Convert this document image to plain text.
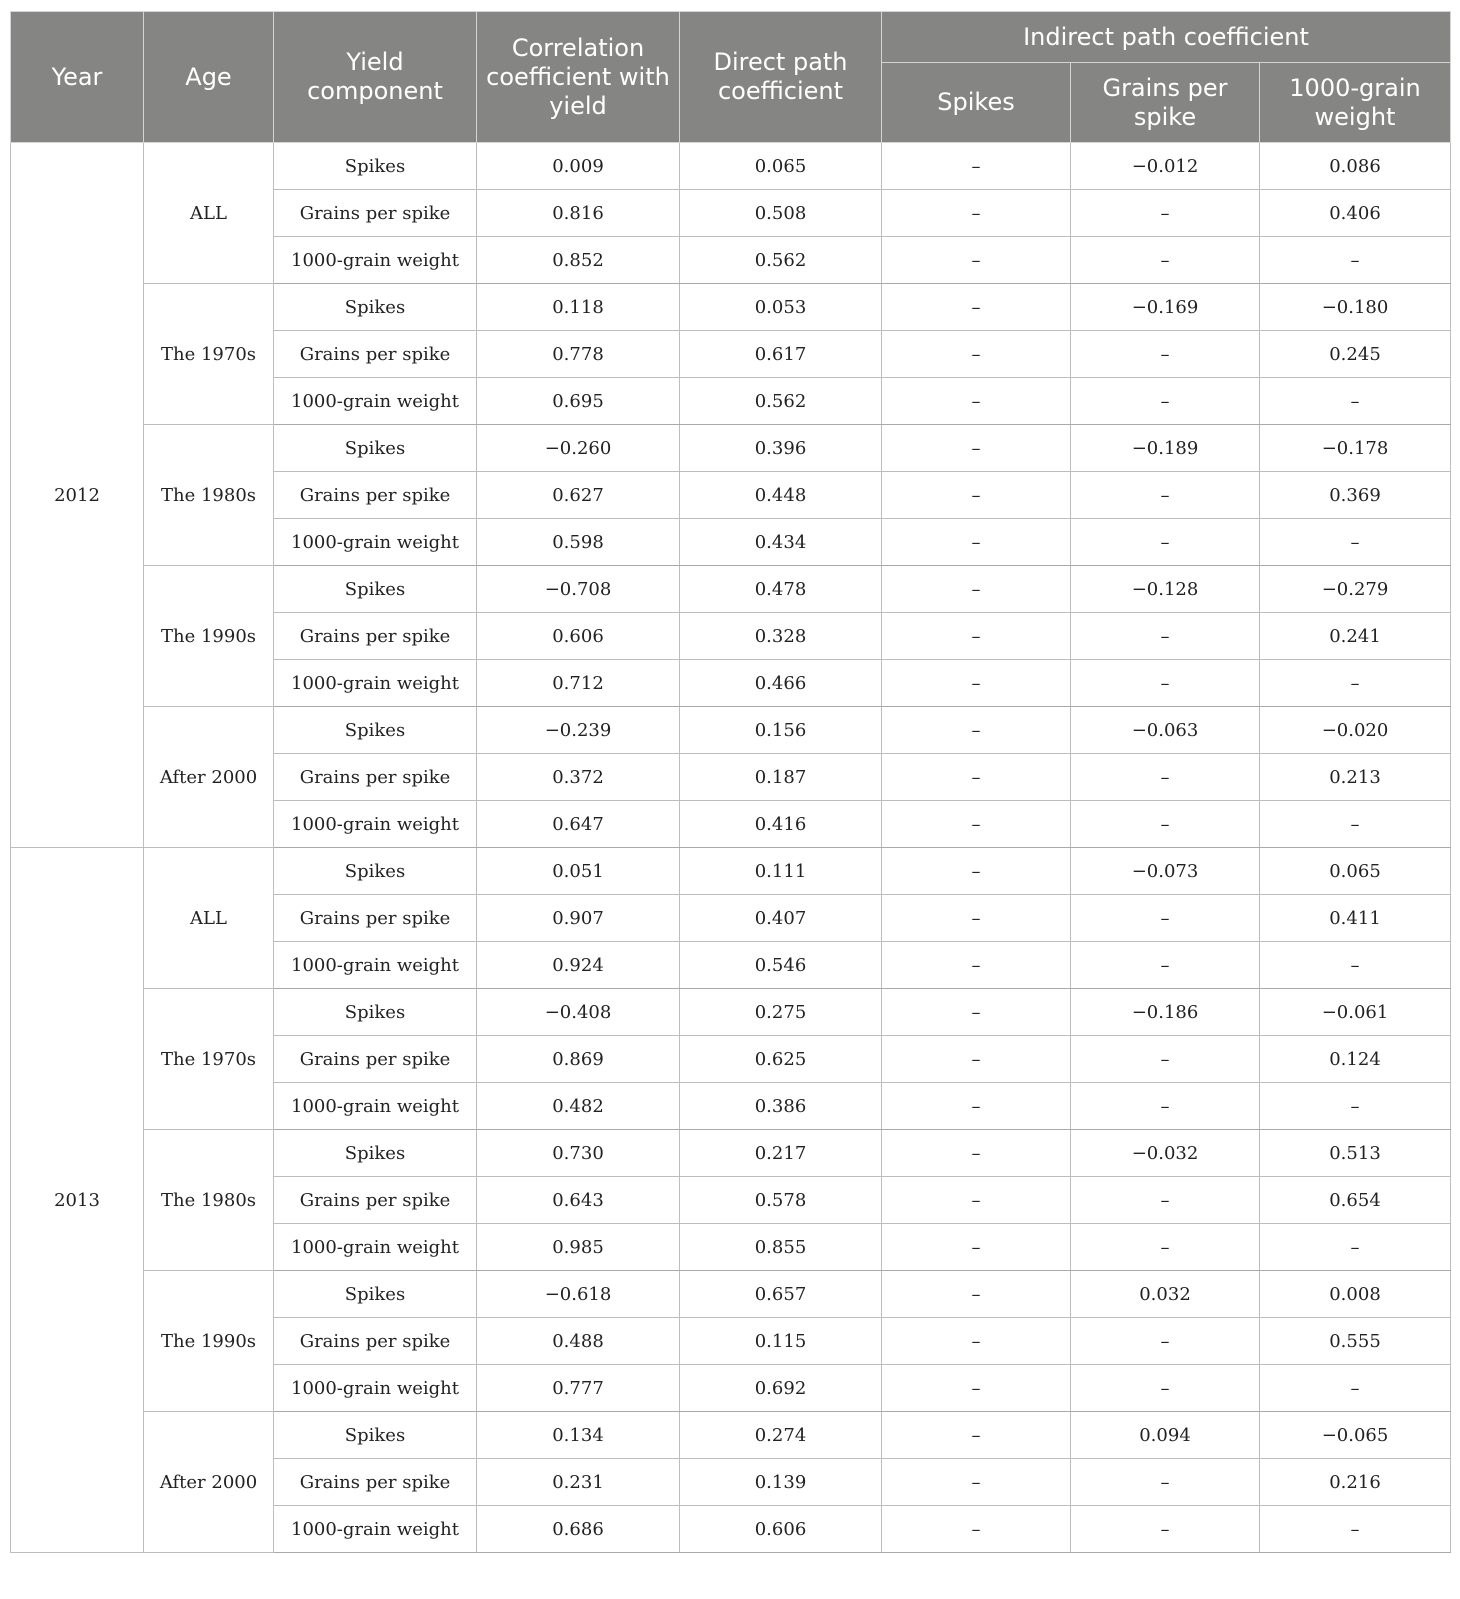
Year	Age	Yield component	Correlation coefficient with yield	Direct path coefficient	Indirect path coefficient		
					Spikes	Grains per spike	1000-grain weight
2012	ALL	Spikes	0.009	0.065	–	−0.012	0.086
		Grains per spike	0.816	0.508	–	–	0.406
		1000-grain weight	0.852	0.562	–	–	–
	The 1970s	Spikes	0.118	0.053	–	−0.169	−0.180
		Grains per spike	0.778	0.617	–	–	0.245
		1000-grain weight	0.695	0.562	–	–	–
	The 1980s	Spikes	−0.260	0.396	–	−0.189	−0.178
		Grains per spike	0.627	0.448	–	–	0.369
		1000-grain weight	0.598	0.434	–	–	–
	The 1990s	Spikes	−0.708	0.478	–	−0.128	−0.279
		Grains per spike	0.606	0.328	–	–	0.241
		1000-grain weight	0.712	0.466	–	–	–
	After 2000	Spikes	−0.239	0.156	–	−0.063	−0.020
		Grains per spike	0.372	0.187	–	–	0.213
		1000-grain weight	0.647	0.416	–	–	–
2013	ALL	Spikes	0.051	0.111	–	−0.073	0.065
		Grains per spike	0.907	0.407	–	–	0.411
		1000-grain weight	0.924	0.546	–	–	–
	The 1970s	Spikes	−0.408	0.275	–	−0.186	−0.061
		Grains per spike	0.869	0.625	–	–	0.124
		1000-grain weight	0.482	0.386	–	–	–
	The 1980s	Spikes	0.730	0.217	–	−0.032	0.513
		Grains per spike	0.643	0.578	–	–	0.654
		1000-grain weight	0.985	0.855	–	–	–
	The 1990s	Spikes	−0.618	0.657	–	0.032	0.008
		Grains per spike	0.488	0.115	–	–	0.555
		1000-grain weight	0.777	0.692	–	–	–
	After 2000	Spikes	0.134	0.274	–	0.094	−0.065
		Grains per spike	0.231	0.139	–	–	0.216
		1000-grain weight	0.686	0.606	–	–	–
